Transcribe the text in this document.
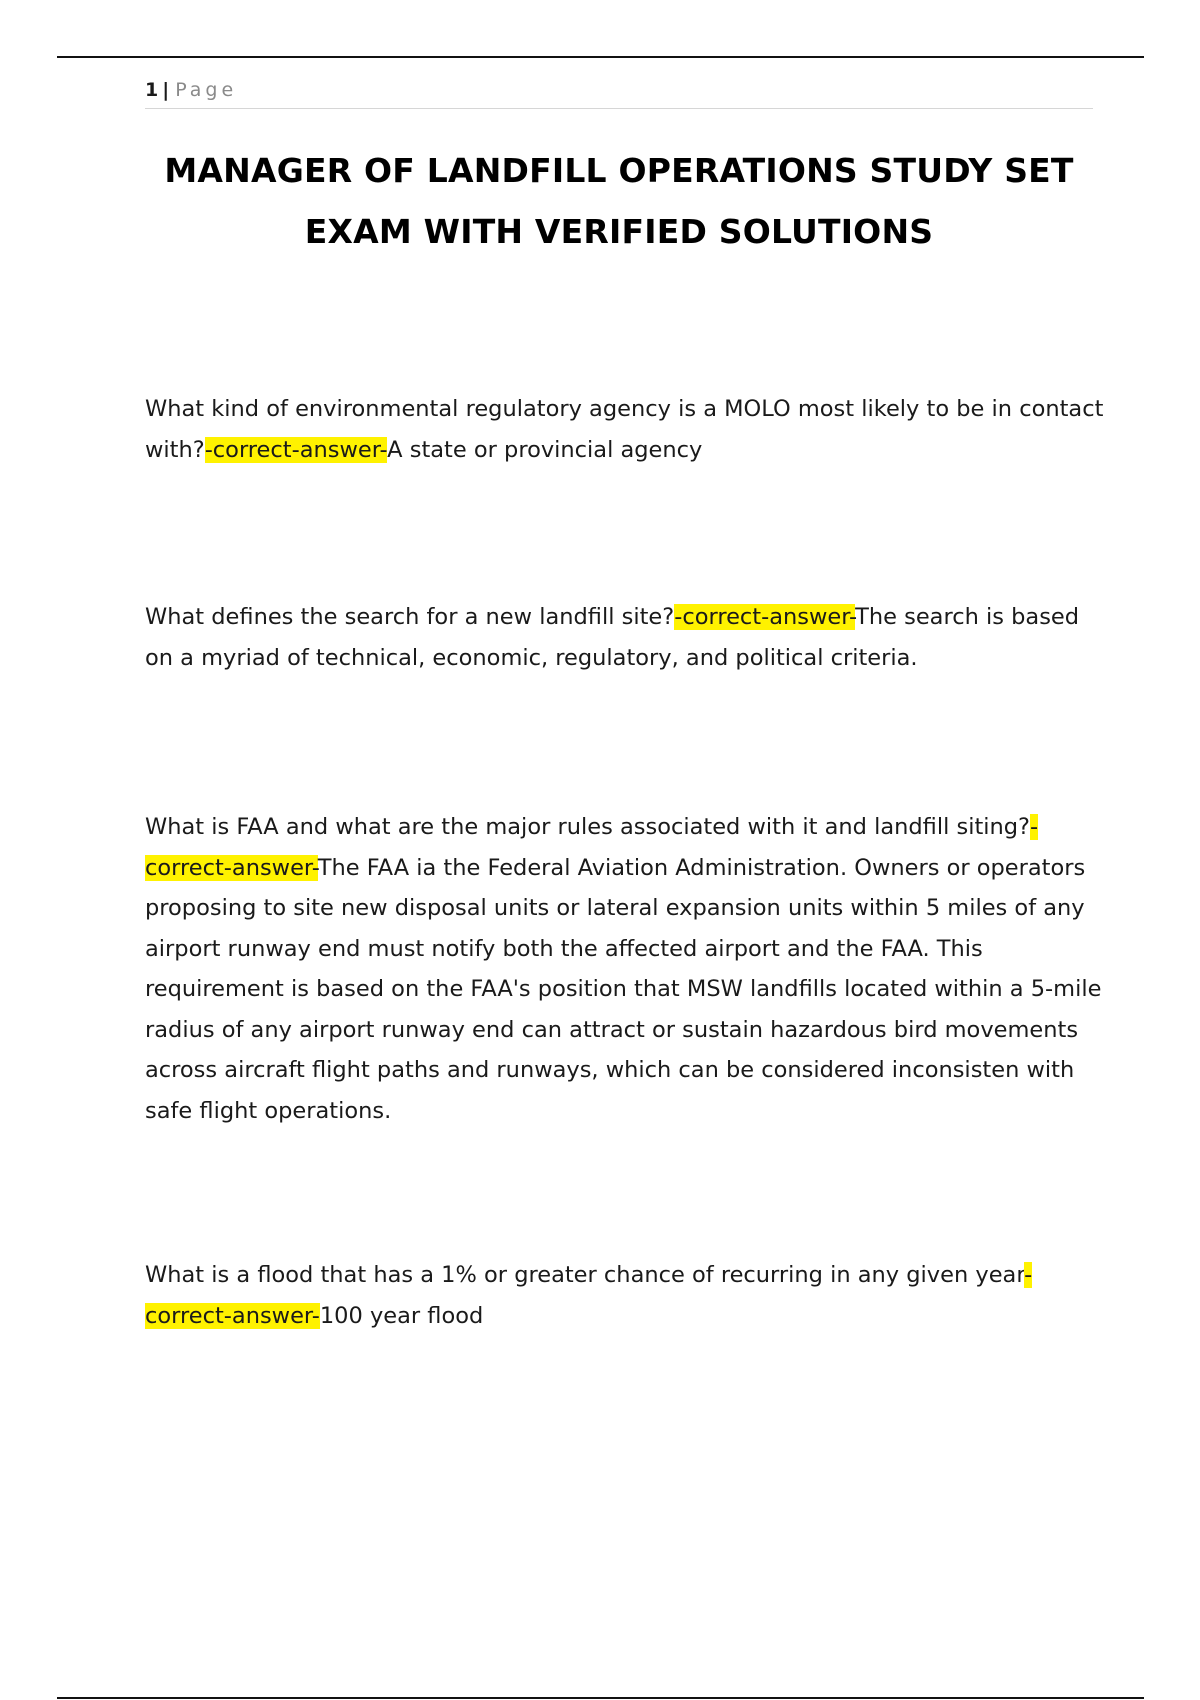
1 | Page
MANAGER OF LANDFILL OPERATIONS STUDY SET EXAM WITH VERIFIED SOLUTIONS

What kind of environmental regulatory agency is a MOLO most likely to be in contact with?-correct-answer-A state or provincial agency

What defines the search for a new landfill site?-correct-answer-The search is based on a myriad of technical, economic, regulatory, and political criteria.

What is FAA and what are the major rules associated with it and landfill siting?-correct-answer-The FAA ia the Federal Aviation Administration. Owners or operators proposing to site new disposal units or lateral expansion units within 5 miles of any airport runway end must notify both the affected airport and the FAA. This requirement is based on the FAA's position that MSW landfills located within a 5-mile radius of any airport runway end can attract or sustain hazardous bird movements across aircraft flight paths and runways, which can be considered inconsisten with safe flight operations.

What is a flood that has a 1% or greater chance of recurring in any given year-correct-answer-100 year flood
